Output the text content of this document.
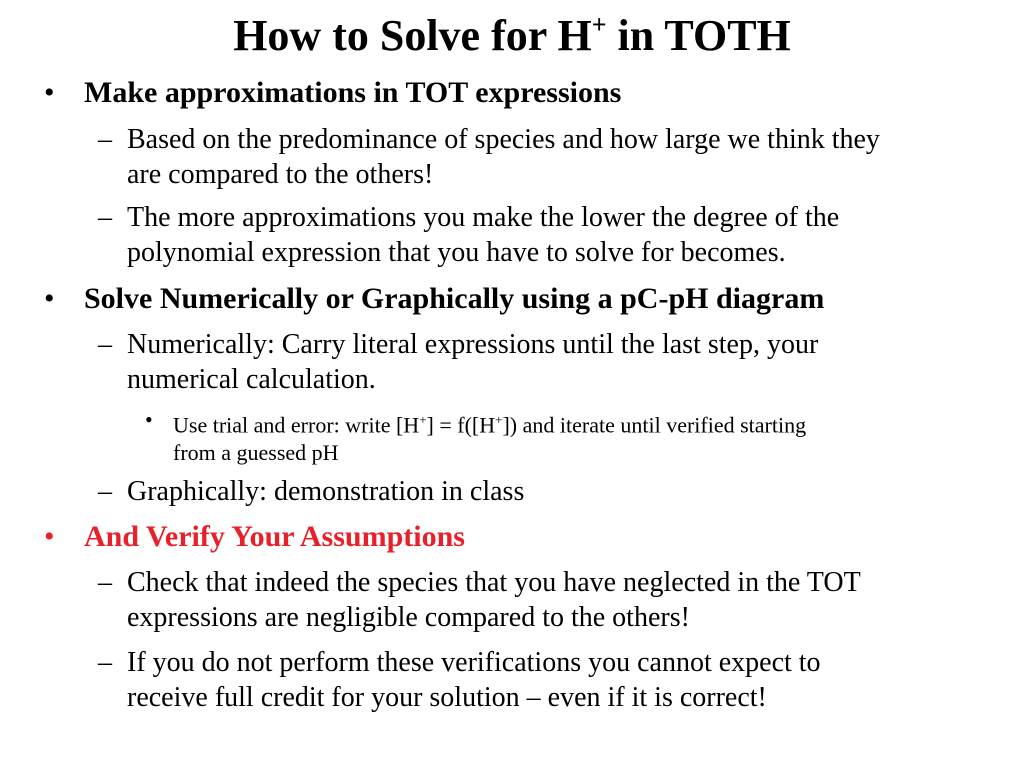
How to Solve for H+ in TOTH
• Make approximations in TOT expressions
– Based on the predominance of species and how large we think they
are compared to the others!
– The more approximations you make the lower the degree of the
polynomial expression that you have to solve for becomes.
• Solve Numerically or Graphically using a pC-pH diagram
– Numerically: Carry literal expressions until the last step, your
numerical calculation.
• Use trial and error: write [H+] = f([H+]) and iterate until verified starting
from a guessed pH
– Graphically: demonstration in class
• And Verify Your Assumptions
– Check that indeed the species that you have neglected in the TOT
expressions are negligible compared to the others!
– If you do not perform these verifications you cannot expect to
receive full credit for your solution – even if it is correct!
